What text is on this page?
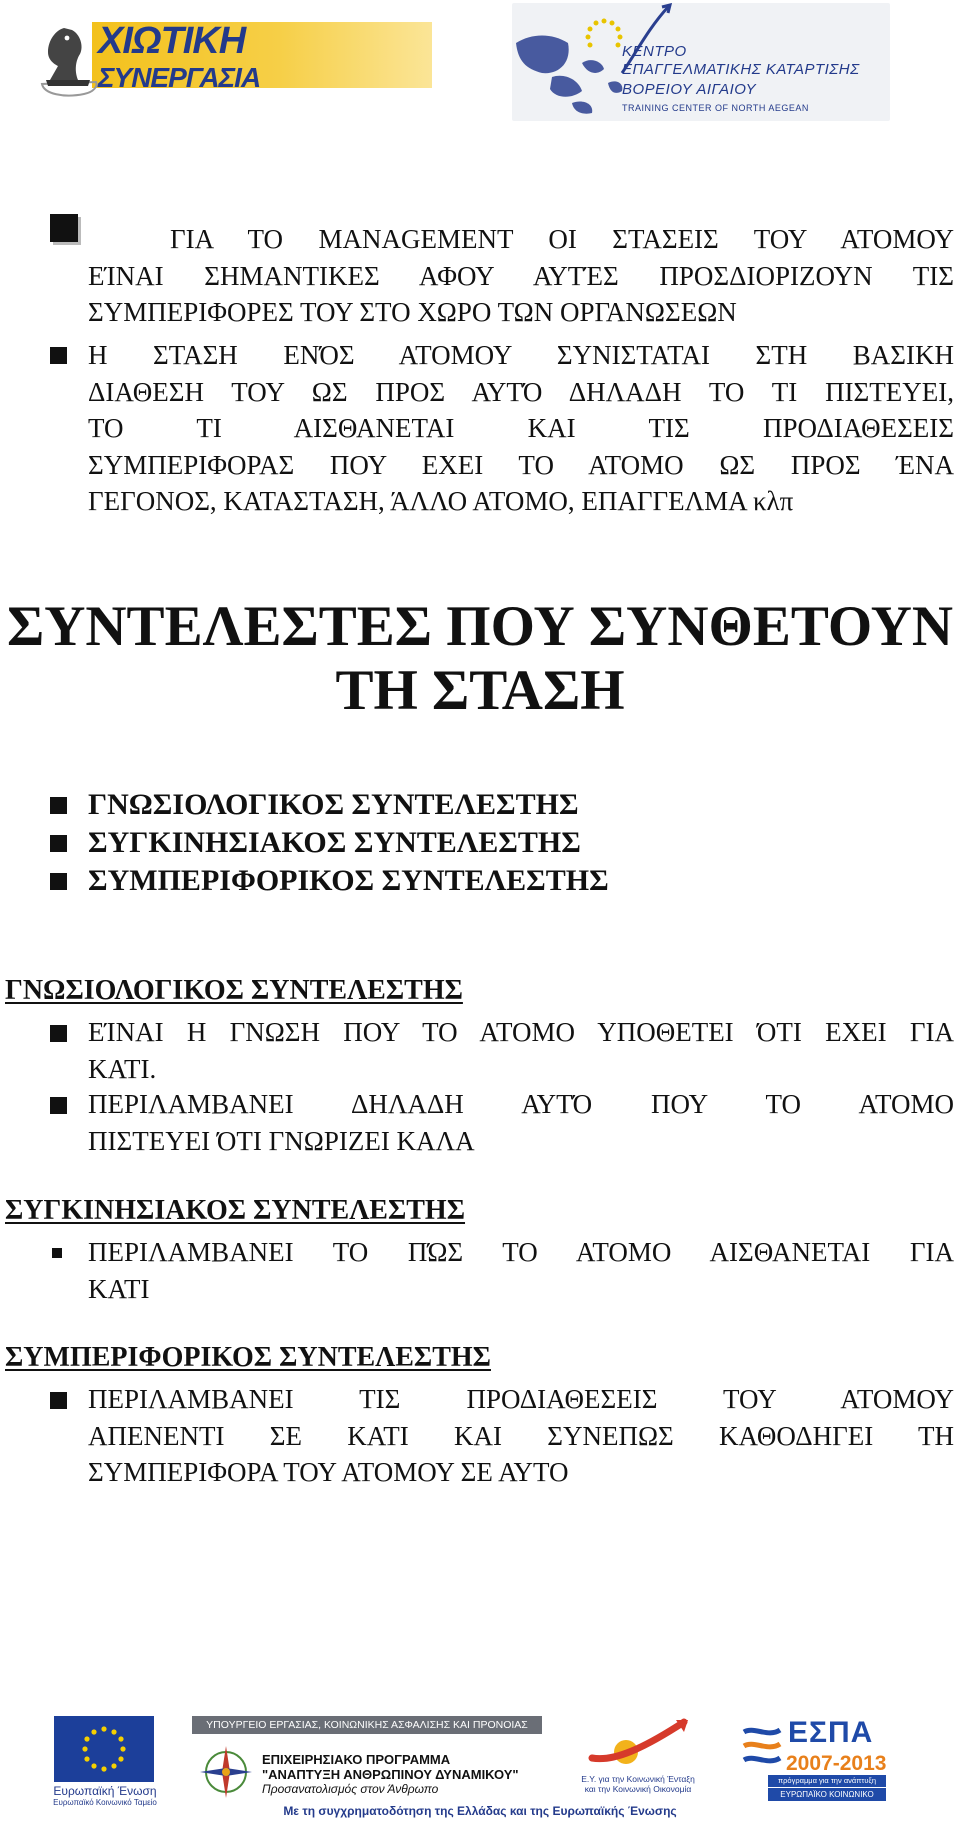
ΧΙΩΤΙΚΗ
ΣΥΝΕΡΓΑΣΙΑ
ΚΕΝΤΡΟ
ΕΠΑΓΓΕΛΜΑΤΙΚΗΣ ΚΑΤΑΡΤΙΣΗΣ
ΒΟΡΕΙΟΥ ΑΙΓΑΙΟΥ
TRAINING CENTER OF NORTH AEGEAN
ΓΙΑ ΤΟ MANAGEMENT ΟΙ ΣΤΑΣΕΙΣ ΤΟΥ ΑΤΟΜΟΥ
ΕΊΝΑΙ ΣΗΜΑΝΤΙΚΕΣ ΑΦΟΥ ΑΥΤΈΣ ΠΡΟΣΔΙΟΡΙΖΟΥΝ ΤΙΣ
ΣΥΜΠΕΡΙΦΟΡΕΣ ΤΟΥ ΣΤΟ ΧΩΡΟ ΤΩΝ ΟΡΓΑΝΩΣΕΩΝ
Η ΣΤΑΣΗ ΕΝΌΣ ΑΤΟΜΟΥ ΣΥΝΙΣΤΑΤΑΙ ΣΤΗ ΒΑΣΙΚΗ
ΔΙΑΘΕΣΗ ΤΟΥ ΩΣ ΠΡΟΣ ΑΥΤΌ ΔΗΛΑΔΗ ΤΟ ΤΙ ΠΙΣΤΕΥΕΙ,
ΤΟ ΤΙ ΑΙΣΘΑΝΕΤΑΙ ΚΑΙ ΤΙΣ ΠΡΟΔΙΑΘΕΣΕΙΣ
ΣΥΜΠΕΡΙΦΟΡΑΣ ΠΟΥ ΕΧΕΙ ΤΟ ΑΤΟΜΟ ΩΣ ΠΡΟΣ ΈΝΑ
ΓΕΓΟΝΟΣ, ΚΑΤΑΣΤΑΣΗ, ΆΛΛΟ ΑΤΟΜΟ, ΕΠΑΓΓΕΛΜΑ κλπ
ΣΥΝΤΕΛΕΣΤΕΣ ΠΟΥ ΣΥΝΘΕΤΟΥΝ
ΤΗ ΣΤΑΣΗ
ΓΝΩΣΙΟΛΟΓΙΚΟΣ ΣΥΝΤΕΛΕΣΤΗΣ
ΣΥΓΚΙΝΗΣΙΑΚΟΣ ΣΥΝΤΕΛΕΣΤΗΣ
ΣΥΜΠΕΡΙΦΟΡΙΚΟΣ ΣΥΝΤΕΛΕΣΤΗΣ
ΓΝΩΣΙΟΛΟΓΙΚΟΣ ΣΥΝΤΕΛΕΣΤΗΣ
ΕΊΝΑΙ Η ΓΝΩΣΗ ΠΟΥ ΤΟ ΑΤΟΜΟ ΥΠΟΘΕΤΕΙ ΌΤΙ ΕΧΕΙ ΓΙΑ
ΚΑΤΙ.
ΠΕΡΙΛΑΜΒΑΝΕΙ ΔΗΛΑΔΗ ΑΥΤΌ ΠΟΥ ΤΟ ΑΤΟΜΟ
ΠΙΣΤΕΥΕΙ ΌΤΙ ΓΝΩΡΙΖΕΙ ΚΑΛΑ
ΣΥΓΚΙΝΗΣΙΑΚΟΣ ΣΥΝΤΕΛΕΣΤΗΣ
ΠΕΡΙΛΑΜΒΑΝΕΙ ΤΟ ΠΏΣ ΤΟ ΑΤΟΜΟ ΑΙΣΘΑΝΕΤΑΙ ΓΙΑ
ΚΑΤΙ
ΣΥΜΠΕΡΙΦΟΡΙΚΟΣ ΣΥΝΤΕΛΕΣΤΗΣ
ΠΕΡΙΛΑΜΒΑΝΕΙ ΤΙΣ ΠΡΟΔΙΑΘΕΣΕΙΣ ΤΟΥ ΑΤΟΜΟΥ
ΑΠΕΝΕΝΤΙ ΣΕ ΚΑΤΙ ΚΑΙ ΣΥΝΕΠΩΣ ΚΑΘΟΔΗΓΕΙ ΤΗ
ΣΥΜΠΕΡΙΦΟΡΑ ΤΟΥ ΑΤΟΜΟΥ ΣΕ ΑΥΤΟ
Ευρωπαϊκή Ένωση
Ευρωπαϊκό Κοινωνικό Ταμείο
ΥΠΟΥΡΓΕΙΟ ΕΡΓΑΣΙΑΣ, ΚΟΙΝΩΝΙΚΗΣ ΑΣΦΑΛΙΣΗΣ ΚΑΙ ΠΡΟΝΟΙΑΣ
ΕΠΙΧΕΙΡΗΣΙΑΚΟ ΠΡΟΓΡΑΜΜΑ
"ΑΝΑΠΤΥΞΗ ΑΝΘΡΩΠΙΝΟΥ ΔΥΝΑΜΙΚΟΥ"
Προσανατολισμός στον Άνθρωπο
Ε.Υ. για την Κοινωνική Ένταξη
και την Κοινωνική Οικονομία
ΕΣΠΑ
2007-2013
πρόγραμμα για την ανάπτυξη
ΕΥΡΩΠΑΪΚΟ ΚΟΙΝΩΝΙΚΟ ΤΑΜΕΙΟ
Με τη συγχρηματοδότηση της Ελλάδας και της Ευρωπαϊκής Ένωσης
